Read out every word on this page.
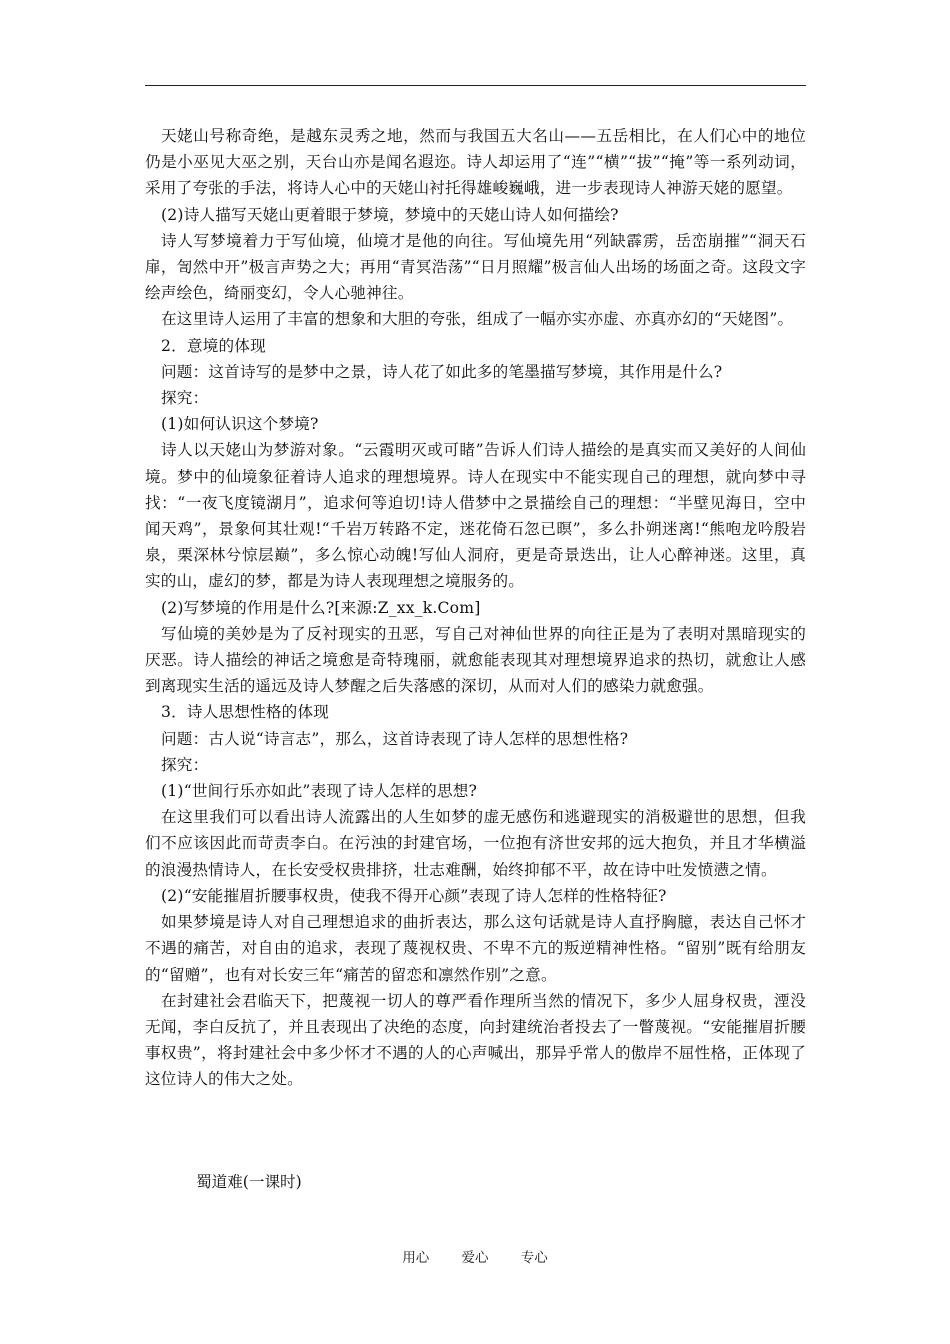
天姥山号称奇绝，是越东灵秀之地，然而与我国五大名山——五岳相比，在人们心中的地位仍是小巫见大巫之别，天台山亦是闻名遐迩。诗人却运用了“连”“横”“拔”“掩”等一系列动词，采用了夸张的手法，将诗人心中的天姥山衬托得雄峻巍峨，进一步表现诗人神游天姥的愿望。

(2)诗人描写天姥山更着眼于梦境，梦境中的天姥山诗人如何描绘?

诗人写梦境着力于写仙境，仙境才是他的向往。写仙境先用“列缺霹雳，岳峦崩摧”“洞天石扉，訇然中开”极言声势之大；再用“青冥浩荡”“日月照耀”极言仙人出场的场面之奇。这段文字绘声绘色，绮丽变幻，令人心驰神往。

在这里诗人运用了丰富的想象和大胆的夸张，组成了一幅亦实亦虚、亦真亦幻的“天姥图”。

2．意境的体现

问题：这首诗写的是梦中之景，诗人花了如此多的笔墨描写梦境，其作用是什么?

探究：

(1)如何认识这个梦境?

诗人以天姥山为梦游对象。“云霞明灭或可睹”告诉人们诗人描绘的是真实而又美好的人间仙境。梦中的仙境象征着诗人追求的理想境界。诗人在现实中不能实现自己的理想，就向梦中寻找：“一夜飞度镜湖月”，追求何等迫切!诗人借梦中之景描绘自己的理想：“半壁见海日，空中闻天鸡”，景象何其壮观!“千岩万转路不定，迷花倚石忽已暝”，多么扑朔迷离!“熊咆龙吟殷岩泉，栗深林兮惊层巅”，多么惊心动魄!写仙人洞府，更是奇景迭出，让人心醉神迷。这里，真实的山，虚幻的梦，都是为诗人表现理想之境服务的。

(2)写梦境的作用是什么?[来源:Z_xx_k.Com]

写仙境的美妙是为了反衬现实的丑恶，写自己对神仙世界的向往正是为了表明对黑暗现实的厌恶。诗人描绘的神话之境愈是奇特瑰丽，就愈能表现其对理想境界追求的热切，就愈让人感到离现实生活的遥远及诗人梦醒之后失落感的深切，从而对人们的感染力就愈强。

3．诗人思想性格的体现

问题：古人说“诗言志”，那么，这首诗表现了诗人怎样的思想性格?

探究：

(1)“世间行乐亦如此”表现了诗人怎样的思想?

在这里我们可以看出诗人流露出的人生如梦的虚无感伤和逃避现实的消极避世的思想，但我们不应该因此而苛责李白。在污浊的封建官场，一位抱有济世安邦的远大抱负，并且才华横溢的浪漫热情诗人，在长安受权贵排挤，壮志难酬，始终抑郁不平，故在诗中吐发愤懑之情。

(2)“安能摧眉折腰事权贵，使我不得开心颜”表现了诗人怎样的性格特征?

如果梦境是诗人对自己理想追求的曲折表达，那么这句话就是诗人直抒胸臆，表达自己怀才不遇的痛苦，对自由的追求，表现了蔑视权贵、不卑不亢的叛逆精神性格。“留别”既有给朋友的“留赠”，也有对长安三年“痛苦的留恋和凛然作别”之意。

在封建社会君临天下，把蔑视一切人的尊严看作理所当然的情况下，多少人屈身权贵，湮没无闻，李白反抗了，并且表现出了决绝的态度，向封建统治者投去了一瞥蔑视。“安能摧眉折腰事权贵”，将封建社会中多少怀才不遇的人的心声喊出，那异乎常人的傲岸不屈性格，正体现了这位诗人的伟大之处。

蜀道难(一课时)
用心 爱心 专心
